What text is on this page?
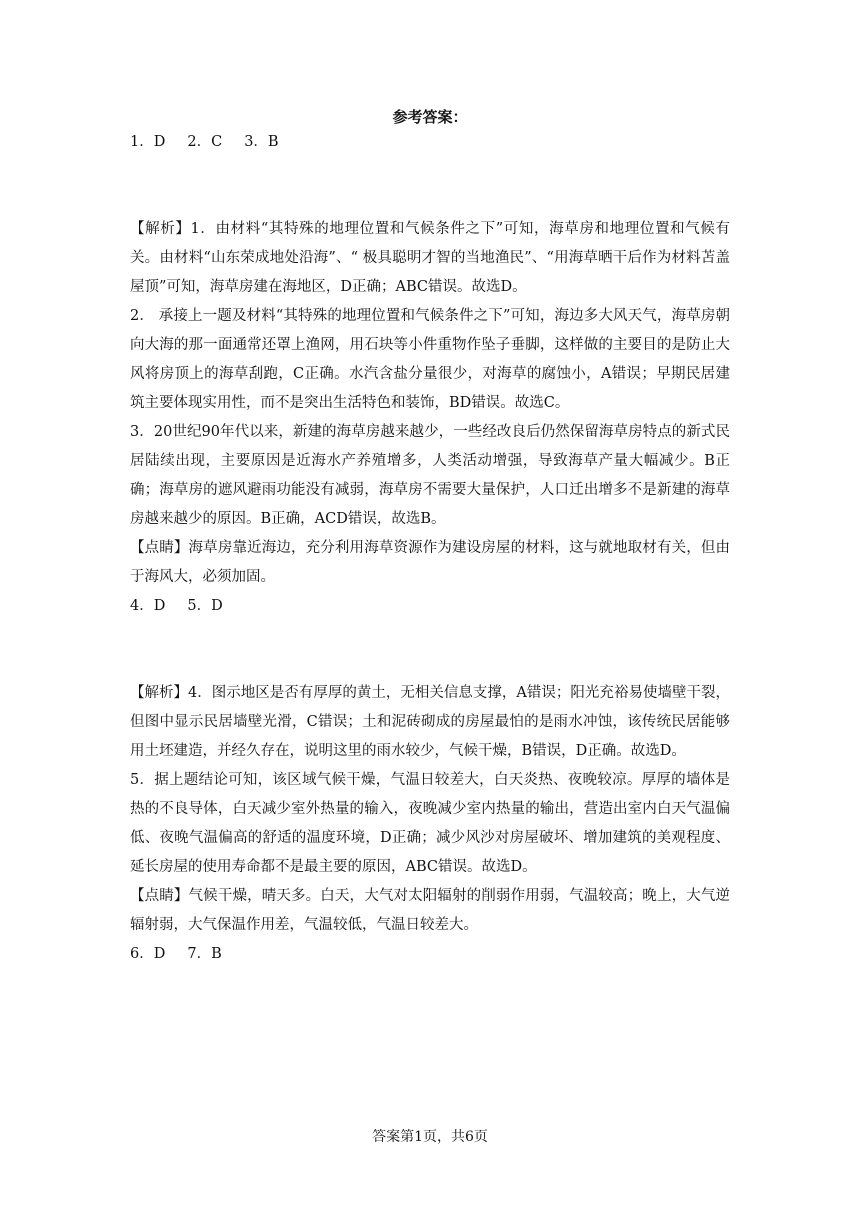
参考答案：
1．D 2．C 3．B

【解析】1．由材料“其特殊的地理位置和气候条件之下”可知，海草房和地理位置和气候有关。由材料“山东荣成地处沿海”、“ 极具聪明才智的当地渔民”、“用海草晒干后作为材料苫盖屋顶”可知，海草房建在海地区，D正确；ABC错误。故选D。

2． 承接上一题及材料“其特殊的地理位置和气候条件之下”可知，海边多大风天气，海草房朝向大海的那一面通常还罩上渔网，用石块等小件重物作坠子垂脚，这样做的主要目的是防止大风将房顶上的海草刮跑，C正确。水汽含盐分量很少，对海草的腐蚀小，A错误；早期民居建筑主要体现实用性，而不是突出生活特色和装饰，BD错误。故选C。

3．20世纪90年代以来，新建的海草房越来越少，一些经改良后仍然保留海草房特点的新式民居陆续出现，主要原因是近海水产养殖增多，人类活动增强，导致海草产量大幅减少。B正确；海草房的遮风避雨功能没有减弱，海草房不需要大量保护，人口迁出增多不是新建的海草房越来越少的原因。B正确，ACD错误，故选B。

【点睛】海草房靠近海边，充分利用海草资源作为建设房屋的材料，这与就地取材有关，但由于海风大，必须加固。

4．D 5．D

【解析】4．图示地区是否有厚厚的黄土，无相关信息支撑，A错误；阳光充裕易使墙壁干裂，但图中显示民居墙壁光滑，C错误；土和泥砖砌成的房屋最怕的是雨水冲蚀，该传统民居能够用土坯建造，并经久存在，说明这里的雨水较少，气候干燥，B错误，D正确。故选D。

5．据上题结论可知，该区域气候干燥，气温日较差大，白天炎热、夜晚较凉。厚厚的墙体是热的不良导体，白天减少室外热量的输入，夜晚减少室内热量的输出，营造出室内白天气温偏低、夜晚气温偏高的舒适的温度环境，D正确；减少风沙对房屋破坏、增加建筑的美观程度、延长房屋的使用寿命都不是最主要的原因，ABC错误。故选D。

【点睛】气候干燥，晴天多。白天，大气对太阳辐射的削弱作用弱，气温较高；晚上，大气逆辐射弱，大气保温作用差，气温较低，气温日较差大。

6．D 7．B
答案第1页，共6页
